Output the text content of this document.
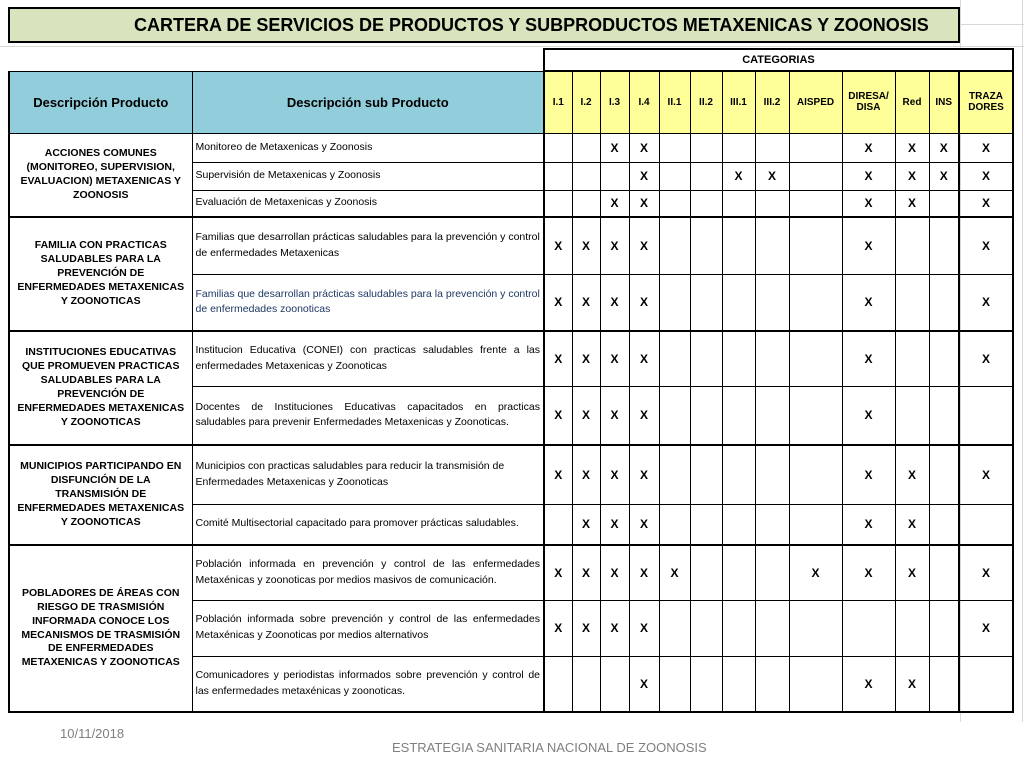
CARTERA DE SERVICIOS DE PRODUCTOS Y SUBPRODUCTOS METAXENICAS Y ZOONOSIS
		CATEGORIAS												
Descripción Producto	Descripción sub Producto	I.1	I.2	I.3	I.4	II.1	II.2	III.1	III.2	AISPED	DIRESA/ DISA	Red	INS	TRAZA DORES
ACCIONES COMUNES (MONITOREO, SUPERVISION, EVALUACION) METAXENICAS Y ZOONOSIS	Monitoreo de Metaxenicas y Zoonosis			X	X						X	X	X	X
	Supervisión de Metaxenicas y Zoonosis				X			X	X		X	X	X	X
	Evaluación de Metaxenicas y Zoonosis			X	X						X	X		X
FAMILIA CON PRACTICAS SALUDABLES PARA LA PREVENCIÓN DE ENFERMEDADES METAXENICAS Y ZOONOTICAS	Familias que desarrollan prácticas saludables para la prevención y control de enfermedades Metaxenicas	X	X	X	X						X			X
	Familias que desarrollan prácticas saludables para la prevención y control de enfermedades zoonoticas	X	X	X	X						X			X
INSTITUCIONES EDUCATIVAS QUE PROMUEVEN PRACTICAS SALUDABLES PARA LA PREVENCIÓN DE ENFERMEDADES METAXENICAS Y ZOONOTICAS	Institucion Educativa (CONEI) con practicas saludables frente a las enfermedades Metaxenicas y Zoonoticas	X	X	X	X						X			X
	Docentes de Instituciones Educativas capacitados en practicas saludables para prevenir Enfermedades Metaxenicas y Zoonoticas.	X	X	X	X						X			
MUNICIPIOS PARTICIPANDO EN DISFUNCIÓN DE LA TRANSMISIÓN DE ENFERMEDADES METAXENICAS Y ZOONOTICAS	Municipios con practicas saludables para reducir la transmisión de Enfermedades Metaxenicas y Zoonoticas	X	X	X	X						X	X		X
	Comité Multisectorial capacitado para promover prácticas saludables.		X	X	X						X	X		
POBLADORES DE ÁREAS CON RIESGO DE TRASMISIÓN INFORMADA CONOCE LOS MECANISMOS DE TRASMISIÓN DE ENFERMEDADES METAXENICAS Y ZOONOTICAS	Población informada en prevención y control de las enfermedades Metaxénicas y zoonoticas por medios masivos de comunicación.	X	X	X	X	X				X	X	X		X
	Población informada sobre prevención y control de las enfermedades Metaxénicas y Zoonoticas por medios alternativos	X	X	X	X									X
	Comunicadores y periodistas informados sobre prevención y control de las enfermedades metaxénicas y zoonoticas.				X						X	X		
10/11/2018
ESTRATEGIA SANITARIA NACIONAL DE ZOONOSIS
